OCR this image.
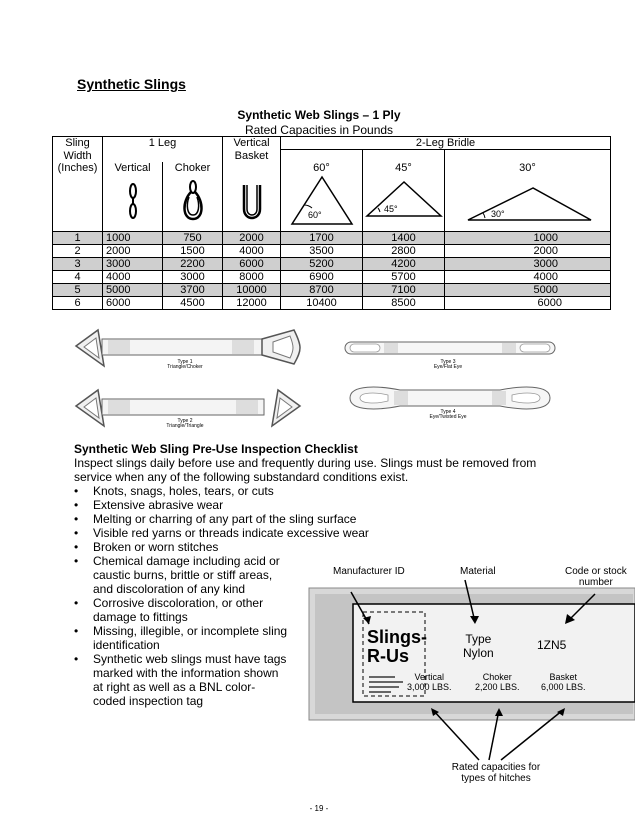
Synthetic Slings
Synthetic Web Slings – 1 Ply
Rated Capacities in Pounds
Sling	1 Leg		Vertical	2-Leg Bridle		
Width			Basket			
(Inches)	Vertical	Choker		60°	45°	30°

60°	45°	30°

1	1000	750	2000	1700	1400	1000
2	2000	1500	4000	3500	2800	2000
3	3000	2200	6000	5200	4200	3000
4	4000	3000	8000	6900	5700	4000
5	5000	3700	10000	8700	7100	5000
6	6000	4500	12000	10400	8500	6000
Type 1
Triangle/Choker
Type 2
Triangle/Triangle
Type 3
Eye/Flat Eye
Type 4
Eye/Twisted Eye
Synthetic Web Sling Pre-Use Inspection Checklist
Inspect slings daily before use and frequently during use. Slings must be removed from
service when any of the following substandard conditions exist.
• Knots, snags, holes, tears, or cuts
• Extensive abrasive wear
• Melting or charring of any part of the sling surface
• Visible red yarns or threads indicate excessive wear
• Broken or worn stitches
• Chemical damage including acid or
caustic burns, brittle or stiff areas,
and discoloration of any kind
• Corrosive discoloration, or other
damage to fittings
• Missing, illegible, or incomplete sling
identification
• Synthetic web slings must have tags
marked with the information shown
at right as well as a BNL color-
coded inspection tag
Manufacturer ID	Material	Code or stock
number
Slings-
R-Us
Type
Nylon
1ZN5
Vertical
3,000 LBS.
Choker
2,200 LBS.
Basket
6,000 LBS.
Rated capacities for
types of hitches
- 19 -
